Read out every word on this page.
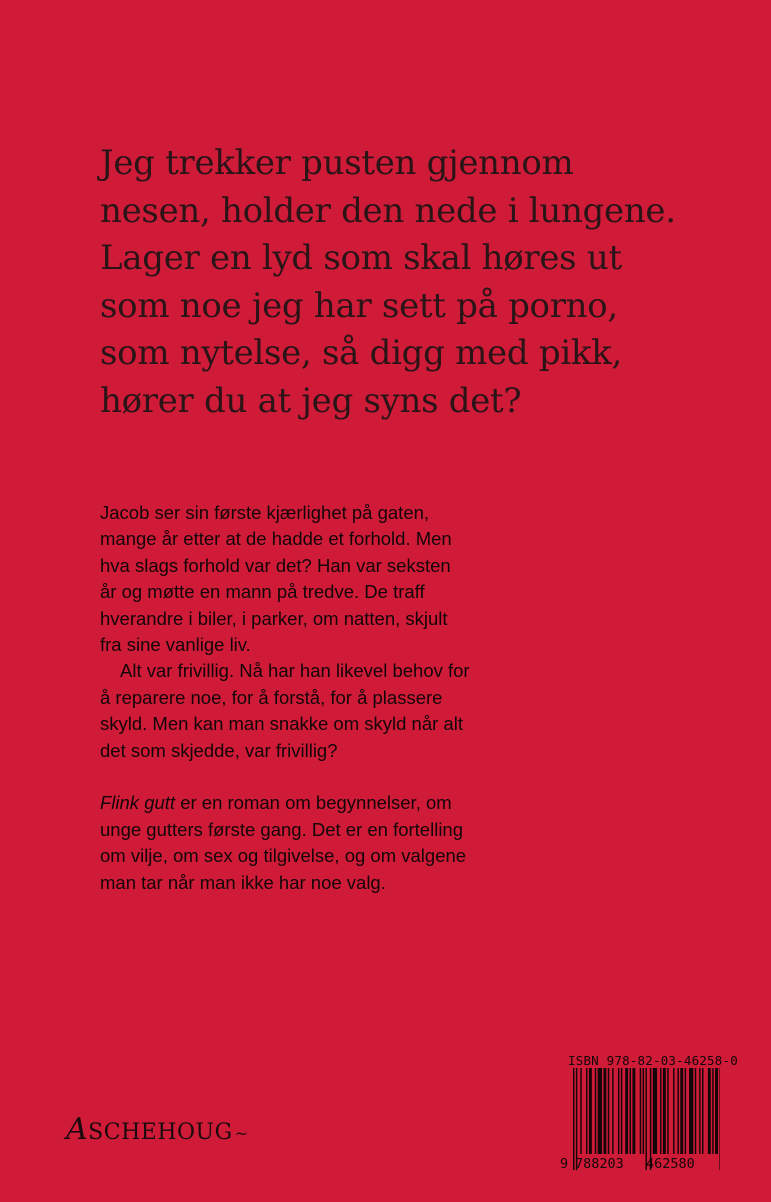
Jeg trekker pusten gjennom
nesen, holder den nede i lungene.
Lager en lyd som skal høres ut
som noe jeg har sett på porno,
som nytelse, så digg med pikk,
hører du at jeg syns det?
Jacob ser sin første kjærlighet på gaten,
mange år etter at de hadde et forhold. Men
hva slags forhold var det? Han var seksten
år og møtte en mann på tredve. De traff
hverandre i biler, i parker, om natten, skjult
fra sine vanlige liv.
Alt var frivillig. Nå har han likevel behov for
å reparere noe, for å forstå, for å plassere
skyld. Men kan man snakke om skyld når alt
det som skjedde, var frivillig?
Flink gutt er en roman om begynnelser, om
unge gutters første gang. Det er en fortelling
om vilje, om sex og tilgivelse, og om valgene
man tar når man ikke har noe valg.
A SCHEHOUG ~
ISBN 978-82-03-46258-0
9 788203 462580
